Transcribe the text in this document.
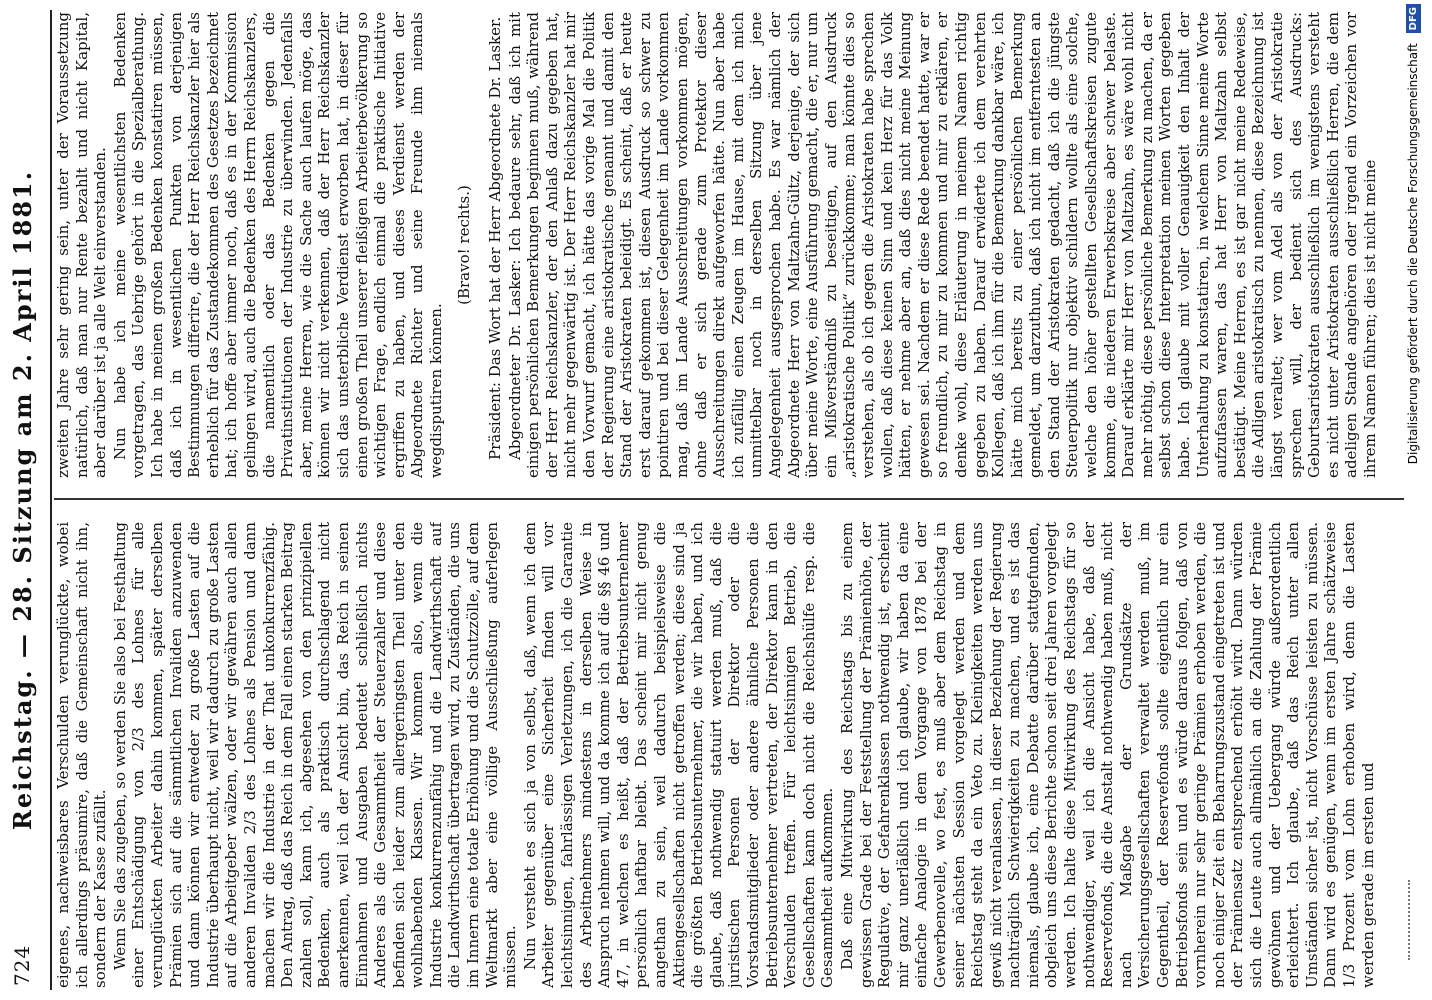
724
Reichstag. — 28. Sitzung am 2. April 1881. eigenes, nachweisbares Verschulden verunglückte, wobei ich allerdings präsumire, daß die Gemeinschaft nicht ihn, sondern der Kasse zufällt. Wenn Sie das zugeben, so werden Sie also bei Festhaltung einer Entschädigung von 2/3 des Lohnes für alle verunglückten Arbeiter dahin kommen, später derselben Prämien sich auf die sämmtlichen Invaliden anzuwenden und dann können wir entweder zu große Lasten auf die Industrie überhaupt nicht, weil wir dadurch zu große Lasten auf die Arbeitgeber wälzen, oder wir gewähren auch allen anderen Invaliden 2/3 des Lohnes als Pension und dann machen wir die Industrie in der That unkonkurrenzfähig. Den Antrag, daß das Reich in dem Fall einen starken Beitrag zahlen soll, kann ich, abgesehen von den prinzipiellen Bedenken, auch als praktisch durchschlagend nicht anerkennen, weil ich der Ansicht bin, das Reich in seinen Einnahmen und Ausgaben bedeutet schließlich nichts Anderes als die Gesammtheit der Steuerzahler und diese befinden sich leider zum allergeringsten Theil unter den wohlhabenden Klassen. Wir kommen also, wenn die Industrie konkurrenzunfähig und die Landwirthschaft auf die Landwirthschaft übertragen wird, zu Zuständen, die uns im Innern eine totale Erhöhung und die Schutzzölle, auf dem Weltmarkt aber eine völlige Ausschließung auferlegen müssen. Nun versteht es sich ja von selbst, daß, wenn ich dem Arbeiter gegenüber eine Sicherheit finden will vor leichtsinnigen, fahrlässigen Verletzungen, ich die Garantie des Arbeitnehmers mindestens in derselben Weise in Anspruch nehmen will, und da komme ich auf die §§ 46 und 47, in welchen es heißt, daß der Betriebsunternehmer persönlich haftbar bleibt. Das scheint mir nicht genug angethan zu sein, weil dadurch beispielsweise die Aktiengesellschaften nicht getroffen werden; diese sind ja die größten Betriebsunternehmer, die wir haben, und ich glaube, daß nothwendig statuirt werden muß, daß die juristischen Personen der Direktor oder die Vorstandsmitglieder oder andere ähnliche Personen die Betriebsunternehmer vertreten, der Direktor kann in den Verschulden treffen. Für leichtsinnigen Betrieb, die Gesellschaften kann doch nicht die Reichshülfe resp. die Gesammtheit aufkommen. Daß eine Mitwirkung des Reichstags bis zu einem gewissen Grade bei der Feststellung der Prämienhöhe, der Regulative, der Gefahrenklassen nothwendig ist, erscheint mir ganz unerläßlich und ich glaube, wir haben da eine einfache Analogie in dem Vorgange von 1878 bei der Gewerbenovelle, wo fest, es muß aber dem Reichstag in seiner nächsten Session vorgelegt werden und dem Reichstag steht da ein Veto zu. Kleinigkeiten werden uns gewiß nicht veranlassen, in dieser Beziehung der Regierung nachträglich Schwierigkeiten zu machen, und es ist das niemals, glaube ich, eine Debatte darüber stattgefunden, obgleich uns diese Berichte schon seit drei Jahren vorgelegt werden. Ich halte diese Mitwirkung des Reichstags für so nothwendiger, weil ich die Ansicht habe, daß der Reservefonds, die die Anstalt nothwendig haben muß, nicht nach Maßgabe der Grundsätze der Versicherungsgesellschaften verwaltet werden muß, im Gegentheil, der Reservefonds sollte eigentlich nur ein Betriebsfonds sein und es würde daraus folgen, daß von vornherein nur sehr geringe Prämien erhoben werden, die noch einiger Zeit ein Beharrungszustand eingetreten ist und der Prämiensatz entsprechend erhöht wird. Dann würden sich die Leute auch allmählich an die Zahlung der Prämie gewöhnen und der Uebergang würde außerordentlich erleichtert. Ich glaube, daß das Reich unter allen Umständen sicher ist, nicht Vorschüsse leisten zu müssen. Dann wird es genügen, wenn im ersten Jahre schätzweise 1/3 Prozent vom Lohn erhoben wird, denn die Lasten werden gerade im ersten und

zweiten Jahre sehr gering sein, unter der Voraussetzung natürlich, daß man nur Rente bezahlt und nicht Kapital, aber darüber ist ja alle Welt einverstanden. Nun habe ich meine wesentlichsten Bedenken vorgetragen, das Uebrige gehört in die Spezialberathung. Ich habe in meinen großen Bedenken konstatiren müssen, daß ich in wesentlichen Punkten von derjenigen Bestimmungen differire, die der Herr Reichskanzler hier als erheblich für das Zustandekommen des Gesetzes bezeichnet hat; ich hoffe aber immer noch, daß es in der Kommission gelingen wird, auch die Bedenken des Herrn Reichskanzlers, die namentlich oder das Bedenken gegen die Privatinstitutionen der Industrie zu überwinden. Jedenfalls aber, meine Herren, wie die Sache auch laufen möge, das können wir nicht verkennen, daß der Herr Reichskanzler sich das unsterbliche Verdienst erworben hat, in dieser für einen großen Theil unserer fleißigen Arbeiterbevölkerung so wichtigen Frage, endlich einmal die praktische Initiative ergriffen zu haben, und dieses Verdienst werden der Abgeordnete Richter und seine Freunde ihm niemals wegdisputiren können.

(Bravo! rechts.) Präsident: Das Wort hat der Herr Abgeordnete Dr. Lasker. Abgeordneter Dr. Lasker: Ich bedaure sehr, daß ich mit einigen persönlichen Bemerkungen beginnen muß, während der Herr Reichskanzler, der den Anlaß dazu gegeben hat, nicht mehr gegenwärtig ist. Der Herr Reichskanzler hat mir den Vorwurf gemacht, ich hätte das vorige Mal die Politik der Regierung eine aristokratische genannt und damit den Stand der Aristokraten beleidigt. Es scheint, daß er heute erst darauf gekommen ist, diesen Ausdruck so schwer zu pointiren und bei dieser Gelegenheit im Lande vorkommen mag, daß im Lande Ausschreitungen vorkommen mögen, ohne daß er sich gerade zum Protektor dieser Ausschreitungen direkt aufgeworfen hätte. Nun aber habe ich zufällig einen Zeugen im Hause, mit dem ich mich unmittelbar noch in derselben Sitzung über jene Angelegenheit ausgesprochen habe. Es war nämlich der Abgeordnete Herr von Maltzahn-Gültz, derjenige, der sich über meine Worte, eine Ausführung gemacht, die er, nur um ein Mißverständniß zu beseitigen, auf den Ausdruck „aristokratische Politik“ zurückkomme; man könnte dies so verstehen, als ob ich gegen die Aristokraten habe sprechen wollen, daß diese keinen Sinn und kein Herz für das Volk hätten, er nehme aber an, daß dies nicht meine Meinung gewesen sei. Nachdem er diese Rede beendet hatte, war er so freundlich, zu mir zu kommen und mir zu erklären, er denke wohl, diese Erläuterung in meinem Namen richtig gegeben zu haben. Darauf erwiderte ich dem verehrten Kollegen, daß ich ihm für die Bemerkung dankbar wäre, ich hätte mich bereits zu einer persönlichen Bemerkung gemeldet, um darzuthun, daß ich nicht im entferntesten an den Stand der Aristokraten gedacht, daß ich die jüngste Steuerpolitik nur objektiv schildern wollte als eine solche, welche den höher gestellten Gesellschaftskreisen zugute komme, die niederen Erwerbskreise aber schwer belaste. Darauf erklärte mir Herr von Maltzahn, es wäre wohl nicht mehr nöthig, diese persönliche Bemerkung zu machen, da er selbst schon diese Interpretation meinen Worten gegeben habe. Ich glaube mit voller Genauigkeit den Inhalt der Unterhaltung zu konstatiren, in welchem Sinne meine Worte aufzufassen waren, das hat Herr von Maltzahn selbst bestätigt. Meine Herren, es ist gar nicht meine Redeweise, die Adligen aristokratisch zu nennen, diese Bezeichnung ist längst veraltet; wer vom Adel als von der Aristokratie sprechen will, der bedient sich des Ausdrucks: Geburtsaristokraten ausschließlich im wenigstens versteht es nicht unter Aristokraten ausschließlich Herren, die dem adeligen Stande angehören oder irgend ein Vorzeichen vor ihrem Namen führen; dies ist nicht meine	Digitalisierung gefördert durch die Deutsche Forschungsgemeinschaft DFG
